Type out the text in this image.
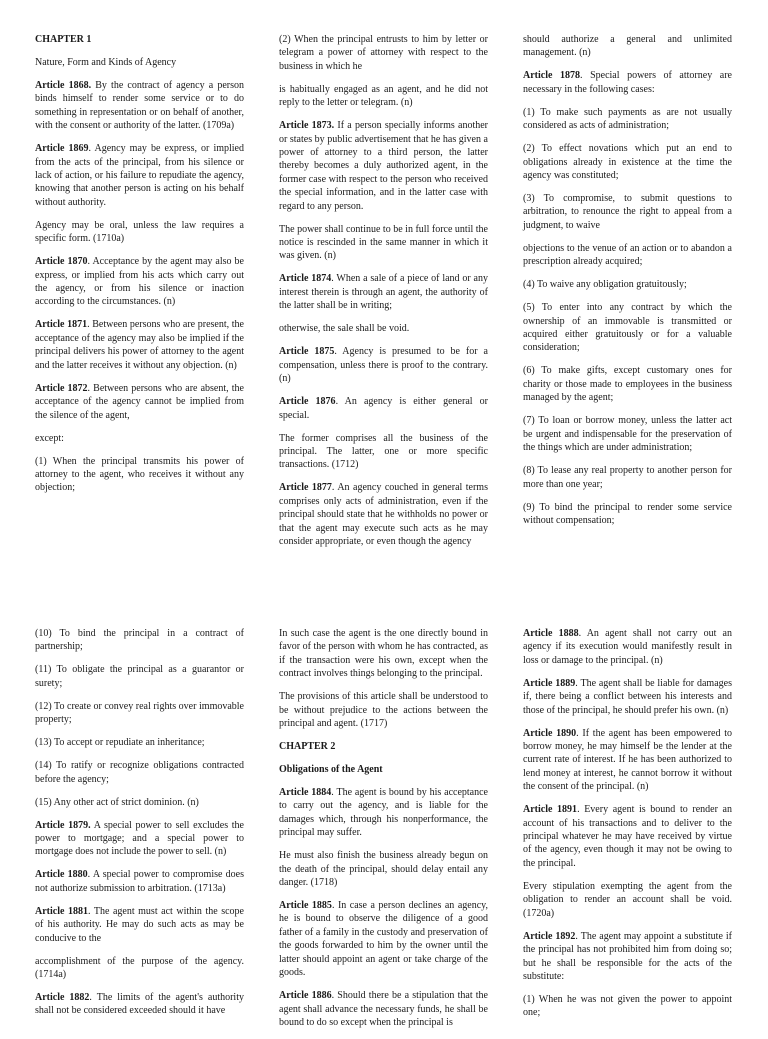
CHAPTER 1

Nature, Form and Kinds of Agency

Article 1868. By the contract of agency a person binds himself to render some service or to do something in representation or on behalf of another, with the consent or authority of the latter. (1709a)

Article 1869. Agency may be express, or implied from the acts of the principal, from his silence or lack of action, or his failure to repudiate the agency, knowing that another person is acting on his behalf without authority.

Agency may be oral, unless the law requires a specific form. (1710a)

Article 1870. Acceptance by the agent may also be express, or implied from his acts which carry out the agency, or from his silence or inaction according to the circumstances. (n)

Article 1871. Between persons who are present, the acceptance of the agency may also be implied if the principal delivers his power of attorney to the agent and the latter receives it without any objection. (n)

Article 1872. Between persons who are absent, the acceptance of the agency cannot be implied from the silence of the agent,

except:

(1) When the principal transmits his power of attorney to the agent, who receives it without any objection;

(2) When the principal entrusts to him by letter or telegram a power of attorney with respect to the business in which he

is habitually engaged as an agent, and he did not reply to the letter or telegram. (n)

Article 1873. If a person specially informs another or states by public advertisement that he has given a power of attorney to a third person, the latter thereby becomes a duly authorized agent, in the former case with respect to the person who received the special information, and in the latter case with regard to any person.

The power shall continue to be in full force until the notice is rescinded in the same manner in which it was given. (n)

Article 1874. When a sale of a piece of land or any interest therein is through an agent, the authority of the latter shall be in writing;

otherwise, the sale shall be void.

Article 1875. Agency is presumed to be for a compensation, unless there is proof to the contrary. (n)

Article 1876. An agency is either general or special.

The former comprises all the business of the principal. The latter, one or more specific transactions. (1712)

Article 1877. An agency couched in general terms comprises only acts of administration, even if the principal should state that he withholds no power or that the agent may execute such acts as he may consider appropriate, or even though the agency

should authorize a general and unlimited management. (n)

Article 1878. Special powers of attorney are necessary in the following cases:

(1) To make such payments as are not usually considered as acts of administration;

(2) To effect novations which put an end to obligations already in existence at the time the agency was constituted;

(3) To compromise, to submit questions to arbitration, to renounce the right to appeal from a judgment, to waive

objections to the venue of an action or to abandon a prescription already acquired;

(4) To waive any obligation gratuitously;

(5) To enter into any contract by which the ownership of an immovable is transmitted or acquired either gratuitously or for a valuable consideration;

(6) To make gifts, except customary ones for charity or those made to employees in the business managed by the agent;

(7) To loan or borrow money, unless the latter act be urgent and indispensable for the preservation of the things which are under administration;

(8) To lease any real property to another person for more than one year;

(9) To bind the principal to render some service without compensation;

(10) To bind the principal in a contract of partnership;

(11) To obligate the principal as a guarantor or surety;

(12) To create or convey real rights over immovable property;

(13) To accept or repudiate an inheritance;

(14) To ratify or recognize obligations contracted before the agency;

(15) Any other act of strict dominion. (n)

Article 1879. A special power to sell excludes the power to mortgage; and a special power to mortgage does not include the power to sell. (n)

Article 1880. A special power to compromise does not authorize submission to arbitration. (1713a)

Article 1881. The agent must act within the scope of his authority. He may do such acts as may be conducive to the

accomplishment of the purpose of the agency. (1714a)

Article 1882. The limits of the agent's authority shall not be considered exceeded should it have

In such case the agent is the one directly bound in favor of the person with whom he has contracted, as if the transaction were his own, except when the contract involves things belonging to the principal.

The provisions of this article shall be understood to be without prejudice to the actions between the principal and agent. (1717)

CHAPTER 2

Obligations of the Agent

Article 1884. The agent is bound by his acceptance to carry out the agency, and is liable for the damages which, through his nonperformance, the principal may suffer.

He must also finish the business already begun on the death of the principal, should delay entail any danger. (1718)

Article 1885. In case a person declines an agency, he is bound to observe the diligence of a good father of a family in the custody and preservation of the goods forwarded to him by the owner until the latter should appoint an agent or take charge of the goods.

Article 1886. Should there be a stipulation that the agent shall advance the necessary funds, he shall be bound to do so except when the principal is

Article 1888. An agent shall not carry out an agency if its execution would manifestly result in loss or damage to the principal. (n)

Article 1889. The agent shall be liable for damages if, there being a conflict between his interests and those of the principal, he should prefer his own. (n)

Article 1890. If the agent has been empowered to borrow money, he may himself be the lender at the current rate of interest. If he has been authorized to lend money at interest, he cannot borrow it without the consent of the principal. (n)

Article 1891. Every agent is bound to render an account of his transactions and to deliver to the principal whatever he may have received by virtue of the agency, even though it may not be owing to the principal.

Every stipulation exempting the agent from the obligation to render an account shall be void. (1720a)

Article 1892. The agent may appoint a substitute if the principal has not prohibited him from doing so; but he shall be responsible for the acts of the substitute:

(1) When he was not given the power to appoint one;
